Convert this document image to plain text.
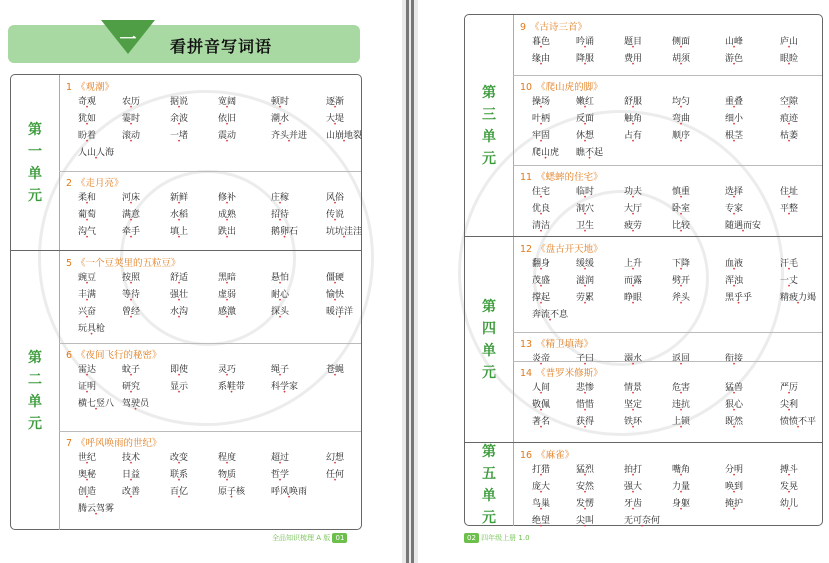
一 看拼音写词语
第
一
单
元
1 《观潮》
奇观 •	农历 •	据说 •	宽阔 •	顿时 •	逐渐 •
犹如 •	霎时 •	余波 •	依旧 •	潮水 •	大堤 •
盼着 •	滚动 •	一堵 •	震动 •	齐头并进 • 山崩地裂 •
人山人海 •
2 《走月亮》
柔和 •	河床 •	新鲜 •	修补 •	庄稼 •	风俗 •
葡萄 •	满意 •	水稻 •	成熟 •	招待 •	传说 •
沟气 •	牵手 •	填上 •	跌出 •	鹅卵石 •	坑坑洼洼 •
第
二
单
元
5 《一个豆荚里的五粒豆》
豌豆 •	按照 •	舒适 •	黑暗 •	悬怕 •	僵硬 •
丰满 •	等待 •	强壮 •	虚弱 •	耐心 •	愉快 •
兴奋 •	曾经 •	水沟 •	感激 •	探头 •	暖洋洋 •
玩具枪 •
6 《夜间飞行的秘密》
雷达 •	蚊子 •	即使 •	灵巧 •	绳子 •	苍蝇 •
证明 •	研究 •	显示 •	系鞋带 •	科学家 •
横七竖八 • 驾驶员 •
7 《呼风唤雨的世纪》
世纪 •	技术 •	改变 •	程度 •	超过 •	幻想 •
奥秘 •	日益 •	联系 •	物质 •	哲学 •	任何 •
创造 •	改善 •	百亿 •	原子核 •	呼风唤雨 •
腾云驾雾 •
全品知识梳理 A 版 01
第
三
单
元
9 《古诗三首》
暮色 •	吟诵 •	题目 •	侧面 •	山峰 •	庐山 •
缘由 •	降服 •	费用 •	胡须 •	游色 •	眼睑 •
10 《爬山虎的脚》
操场 •	嫩红 •	舒服 •	均匀 •	重叠 •	空隙 •
叶柄 •	反面 •	触角 •	弯曲 •	细小 •	痕迹 •
牢固 •	休想 •	占有 •	顺序 •	根茎 •	枯萎 •
爬山虎 • 瞧不起 •
11 《蟋蟀的住宅》
住宅 •	临时 •	功夫 •	慎重 •	选择 •	住址 •
优良 •	洞穴 •	大厅 •	卧室 •	专家 •	平整 •
清洁 •	卫生 •	疲劳 •	比较 •	随遇而安 •
第
四
单
元
12 《盘古开天地》
翻身 •	缓缓 •	上升 •	下降 •	血液 •	汗毛 •
茂盛 •	滋润 •	而露 •	劈开 •	浑浊 •	一丈 •
撑起 •	劳累 •	睁眼 •	斧头 •	黑乎乎 •	精疲力竭 •
奔流不息 •
13 《精卫填海》
炎帝 •	子曰 •	溺水 •	返回 •	衔接 •
14 《普罗米修斯》
人间 •	悲惨 •	情景 •	危害 •	猛兽 •	严厉 •
敬佩 •	惜惜 •	坚定 •	违抗 •	狠心 •	尖利 •
著名 •	获得 •	铁环 •	上锁 •	既然 •	愤愤不平 •
第
五
单
元
16 《麻雀》
打猎 •	猛烈 •	拍打 •	嘴角 •	分明 •	搏斗 •
庞大 •	安然 •	强大 •	力量 •	唤到 •	发晃 •
鸟巢 •	发愣 •	牙齿 •	身躯 •	掩护 •	幼儿 •
绝望 •	尖叫 •	无可奈何 •
02 四年级上册 1.0
